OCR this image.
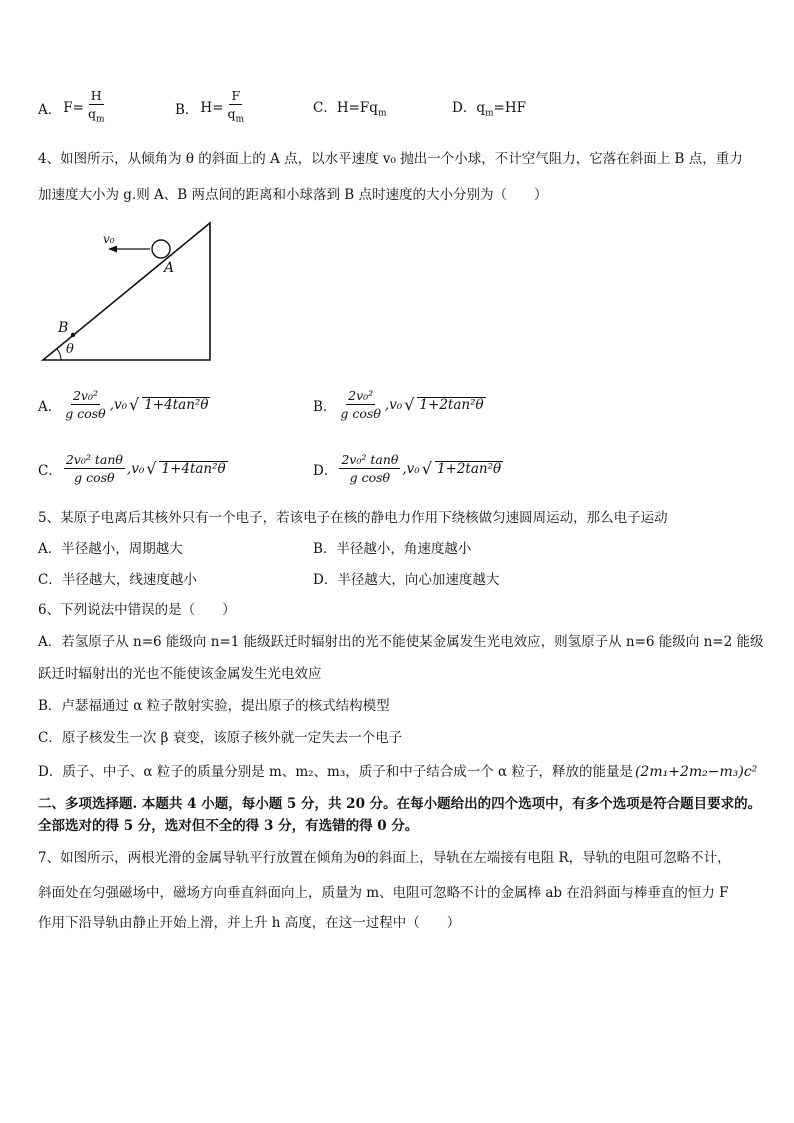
A． $F= \frac{H}{q_m}$	B． $H= \frac{F}{q_m}$	C．$H=Fq_m$	D．$q_m=HF$
4、如图所示，从倾角为 θ 的斜面上的 A 点，以水平速度 v₀ 抛出一个小球，不计空气阻力，它落在斜面上 B 点，重力
加速度大小为 g.则 A、B 两点间的距离和小球落到 B 点时速度的大小分别为（　　）
v₀
A
B
θ
A． $\frac{\text{2v₀²}}{\text{g cosθ}} ,v_0$ √ 1+4tan²θ	B． $\frac{\text{2v₀²}}{\text{g cosθ}} ,v_0$ √ 1+2tan²θ
C． $\frac{\text{2v₀² tanθ}}{\text{g cosθ}} ,v_0$ √ 1+4tan²θ	D． $\frac{\text{2v₀² tanθ}}{\text{g cosθ}} ,v_0$ √ 1+2tan²θ
5、某原子电离后其核外只有一个电子，若该电子在核的静电力作用下绕核做匀速圆周运动，那么电子运动
A．半径越小，周期越大	B．半径越小，角速度越小
C．半径越大，线速度越小	D．半径越大，向心加速度越大
6、下列说法中错误的是（　　）
A．若氢原子从 n=6 能级向 n=1 能级跃迁时辐射出的光不能使某金属发生光电效应，则氢原子从 n=6 能级向 n=2 能级
跃迁时辐射出的光也不能使该金属发生光电效应
B．卢瑟福通过 α 粒子散射实验，提出原子的核式结构模型
C．原子核发生一次 β 衰变，该原子核外就一定失去一个电子
D．质子、中子、α 粒子的质量分别是 m、m₂、m₃，质子和中子结合成一个 α 粒子，释放的能量是 (2m₁+2m₂−m₃)c²
二、多项选择题. 本题共 4 小题，每小题 5 分，共 20 分。在每小题给出的四个选项中，有多个选项是符合题目要求的。
全部选对的得 5 分，选对但不全的得 3 分，有选错的得 0 分。
7、如图所示，两根光滑的金属导轨平行放置在倾角为θ的斜面上，导轨在左端接有电阻 R，导轨的电阻可忽略不计，
斜面处在匀强磁场中，磁场方向垂直斜面向上，质量为 m、电阻可忽略不计的金属棒 ab 在沿斜面与棒垂直的恒力 F
作用下沿导轨由静止开始上滑，并上升 h 高度，在这一过程中（　　）
